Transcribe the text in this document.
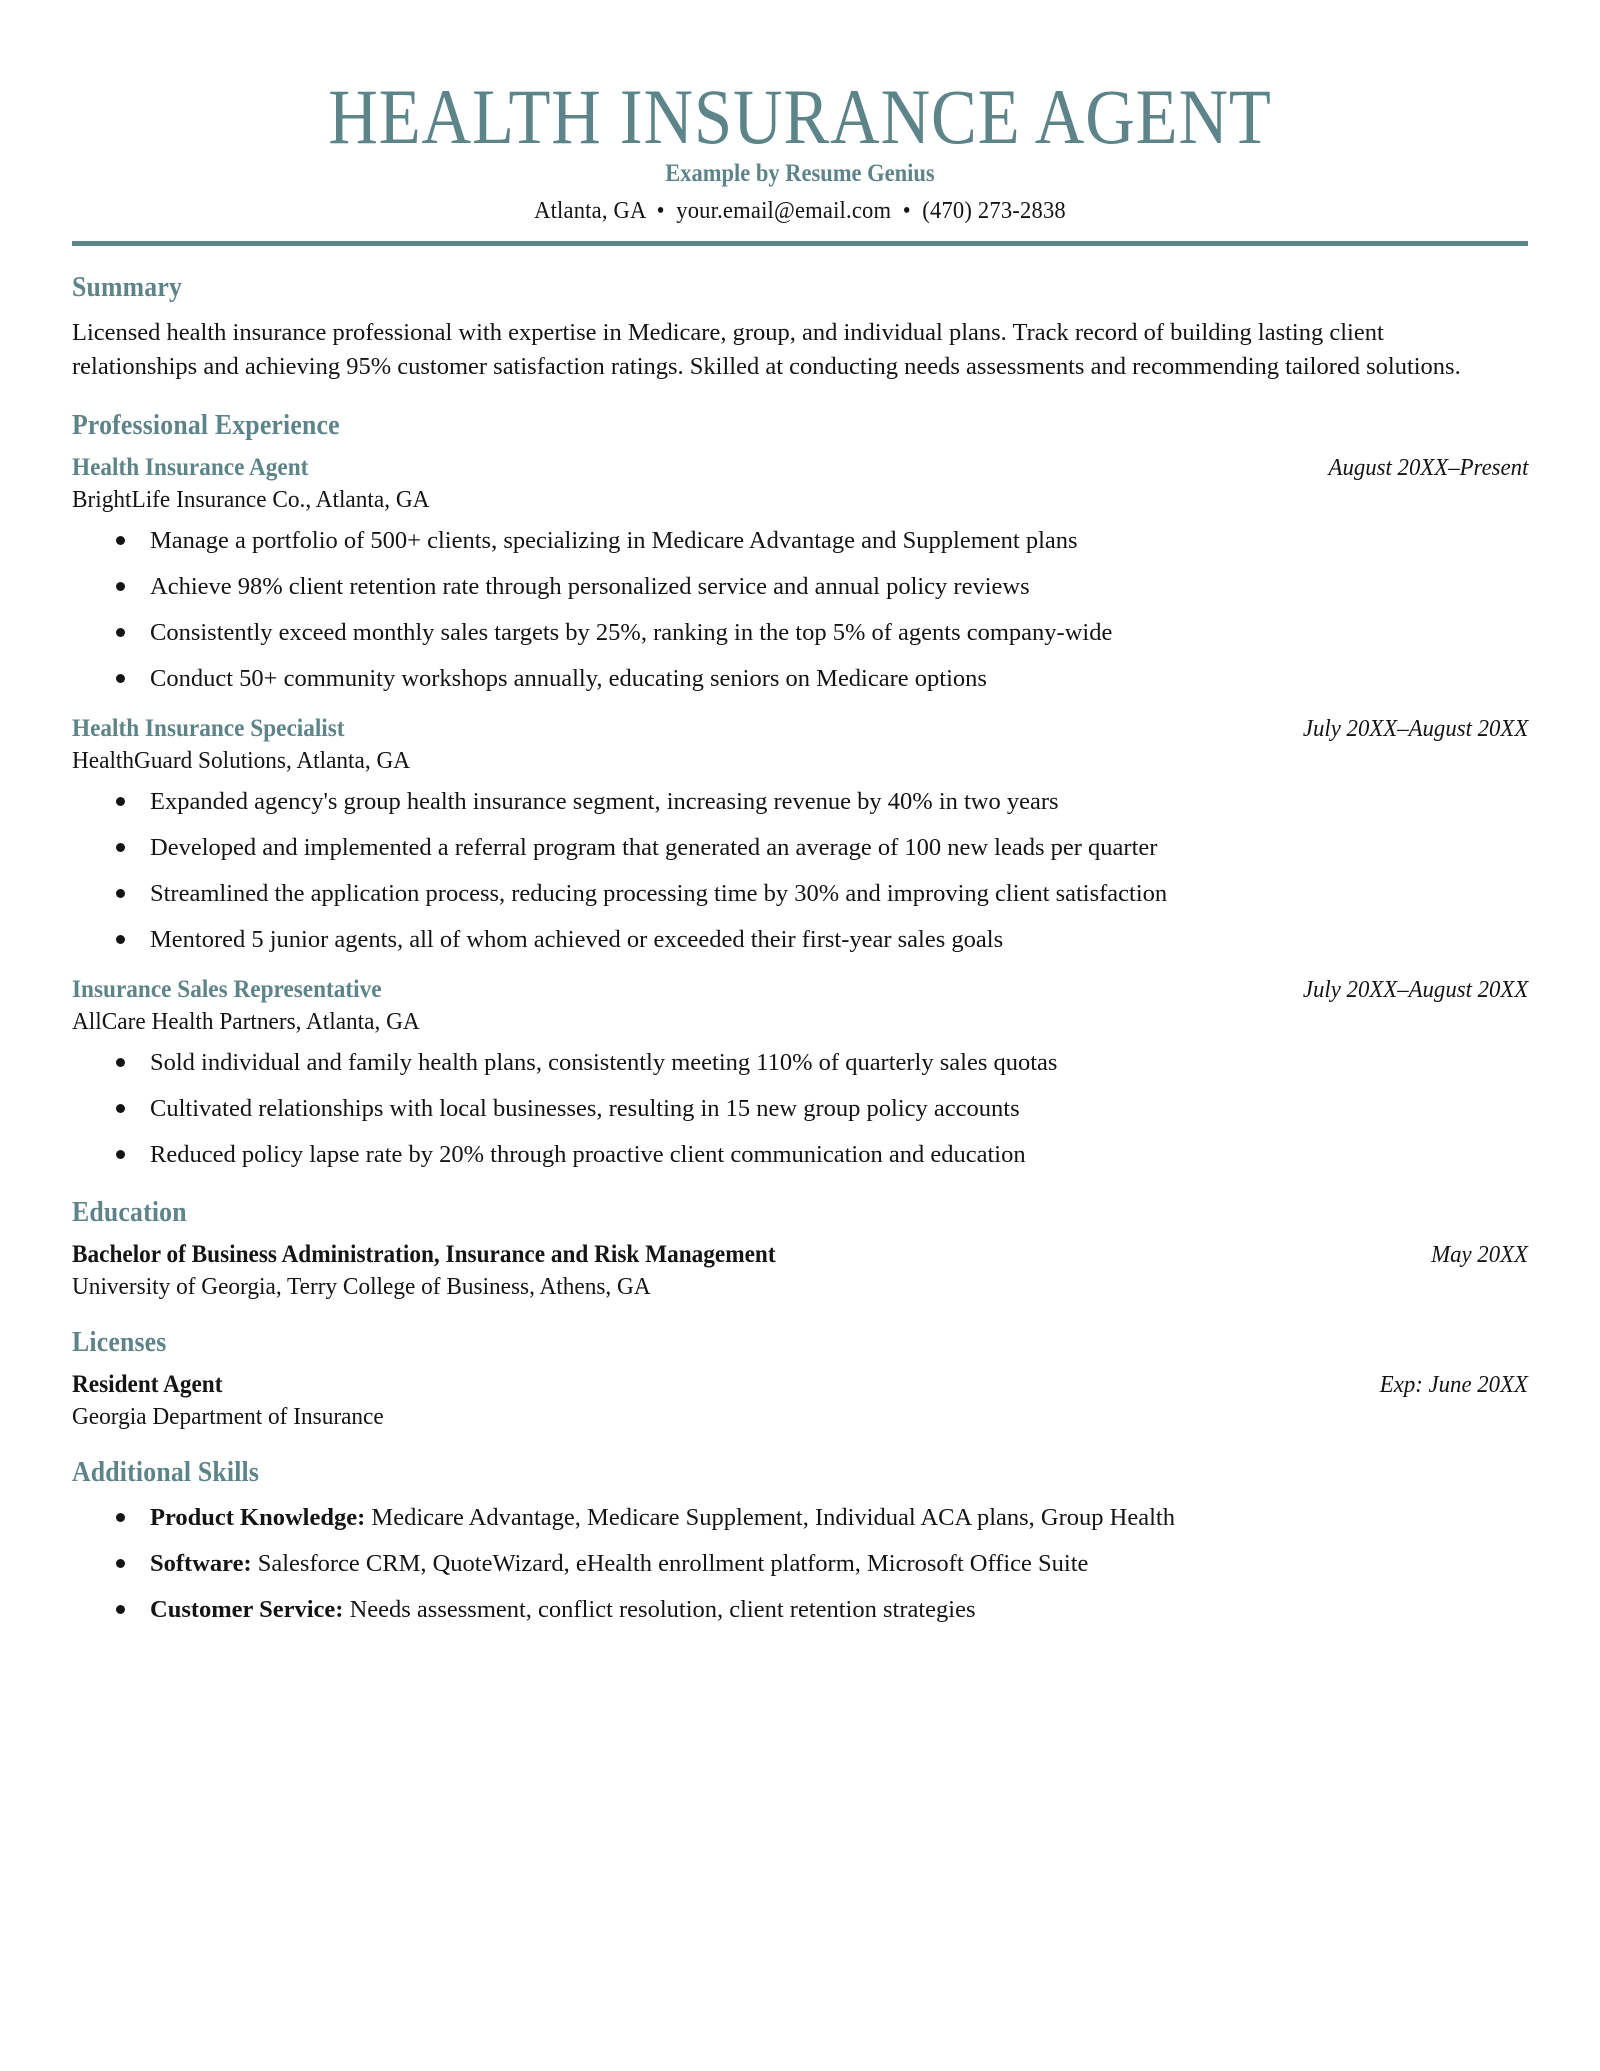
HEALTH INSURANCE AGENT
Example by Resume Genius
Atlanta, GA • your.email@email.com • (470) 273-2838
Summary

Licensed health insurance professional with expertise in Medicare, group, and individual plans. Track record of building lasting client relationships and achieving 95% customer satisfaction ratings. Skilled at conducting needs assessments and recommending tailored solutions.

Professional Experience
Health Insurance Agent	August 20XX–Present
BrightLife Insurance Co., Atlanta, GA
Manage a portfolio of 500+ clients, specializing in Medicare Advantage and Supplement plans
Achieve 98% client retention rate through personalized service and annual policy reviews
Consistently exceed monthly sales targets by 25%, ranking in the top 5% of agents company-wide
Conduct 50+ community workshops annually, educating seniors on Medicare options
Health Insurance Specialist	July 20XX–August 20XX
HealthGuard Solutions, Atlanta, GA
Expanded agency's group health insurance segment, increasing revenue by 40% in two years
Developed and implemented a referral program that generated an average of 100 new leads per quarter
Streamlined the application process, reducing processing time by 30% and improving client satisfaction
Mentored 5 junior agents, all of whom achieved or exceeded their first-year sales goals
Insurance Sales Representative	July 20XX–August 20XX
AllCare Health Partners, Atlanta, GA
Sold individual and family health plans, consistently meeting 110% of quarterly sales quotas
Cultivated relationships with local businesses, resulting in 15 new group policy accounts
Reduced policy lapse rate by 20% through proactive client communication and education
Education
Bachelor of Business Administration, Insurance and Risk Management	May 20XX
University of Georgia, Terry College of Business, Athens, GA
Licenses
Resident Agent	Exp: June 20XX
Georgia Department of Insurance
Additional Skills
Product Knowledge: Medicare Advantage, Medicare Supplement, Individual ACA plans, Group Health
Software: Salesforce CRM, QuoteWizard, eHealth enrollment platform, Microsoft Office Suite
Customer Service: Needs assessment, conflict resolution, client retention strategies
